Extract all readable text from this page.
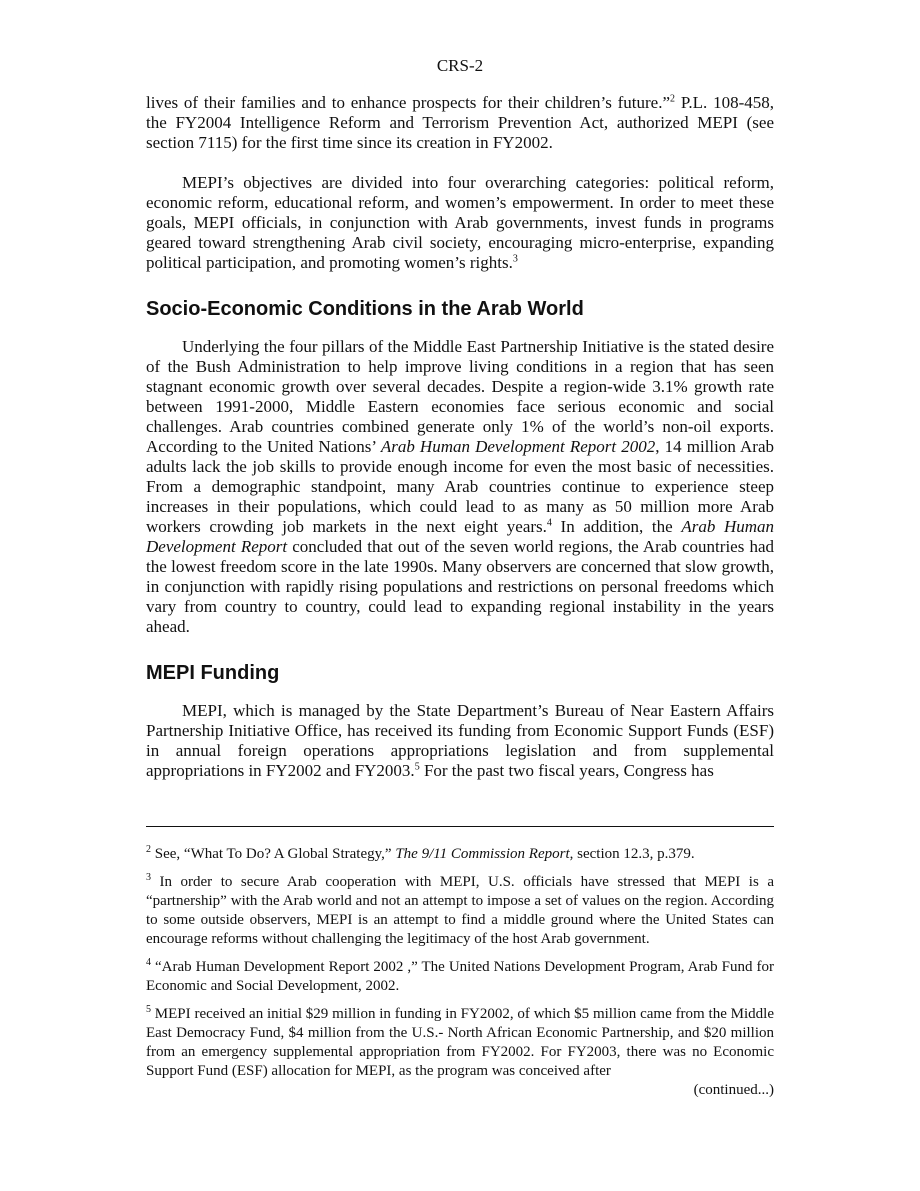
CRS-2

lives of their families and to enhance prospects for their children’s future.”$^2$ P.L. 108-458, the FY2004 Intelligence Reform and Terrorism Prevention Act, authorized MEPI (see section 7115) for the first time since its creation in FY2002.

MEPI’s objectives are divided into four overarching categories: political reform, economic reform, educational reform, and women’s empowerment. In order to meet these goals, MEPI officials, in conjunction with Arab governments, invest funds in programs geared toward strengthening Arab civil society, encouraging micro-enterprise, expanding political participation, and promoting women’s rights.$^3$

Socio-Economic Conditions in the Arab World

Underlying the four pillars of the Middle East Partnership Initiative is the stated desire of the Bush Administration to help improve living conditions in a region that has seen stagnant economic growth over several decades. Despite a region-wide 3.1% growth rate between 1991-2000, Middle Eastern economies face serious economic and social challenges. Arab countries combined generate only 1% of the world’s non-oil exports. According to the United Nations’ Arab Human Development Report 2002, 14 million Arab adults lack the job skills to provide enough income for even the most basic of necessities. From a demographic standpoint, many Arab countries continue to experience steep increases in their populations, which could lead to as many as 50 million more Arab workers crowding job markets in the next eight years.$^4$ In addition, the Arab Human Development Report concluded that out of the seven world regions, the Arab countries had the lowest freedom score in the late 1990s. Many observers are concerned that slow growth, in conjunction with rapidly rising populations and restrictions on personal freedoms which vary from country to country, could lead to expanding regional instability in the years ahead.

MEPI Funding

MEPI, which is managed by the State Department’s Bureau of Near Eastern Affairs Partnership Initiative Office, has received its funding from Economic Support Funds (ESF) in annual foreign operations appropriations legislation and from supplemental appropriations in FY2002 and FY2003.$^5$ For the past two fiscal years, Congress has

$^2$ See, “What To Do? A Global Strategy,” The 9/11 Commission Report, section 12.3, p.379.

$^3$ In order to secure Arab cooperation with MEPI, U.S. officials have stressed that MEPI is a “partnership” with the Arab world and not an attempt to impose a set of values on the region. According to some outside observers, MEPI is an attempt to find a middle ground where the United States can encourage reforms without challenging the legitimacy of the host Arab government.

$^4$ “Arab Human Development Report 2002 ,” The United Nations Development Program, Arab Fund for Economic and Social Development, 2002.

$^5$ MEPI received an initial $29 million in funding in FY2002, of which $5 million came from the Middle East Democracy Fund, $4 million from the U.S.- North African Economic Partnership, and $20 million from an emergency supplemental appropriation from FY2002. For FY2003, there was no Economic Support Fund (ESF) allocation for MEPI, as the program was conceived after

(continued...)
